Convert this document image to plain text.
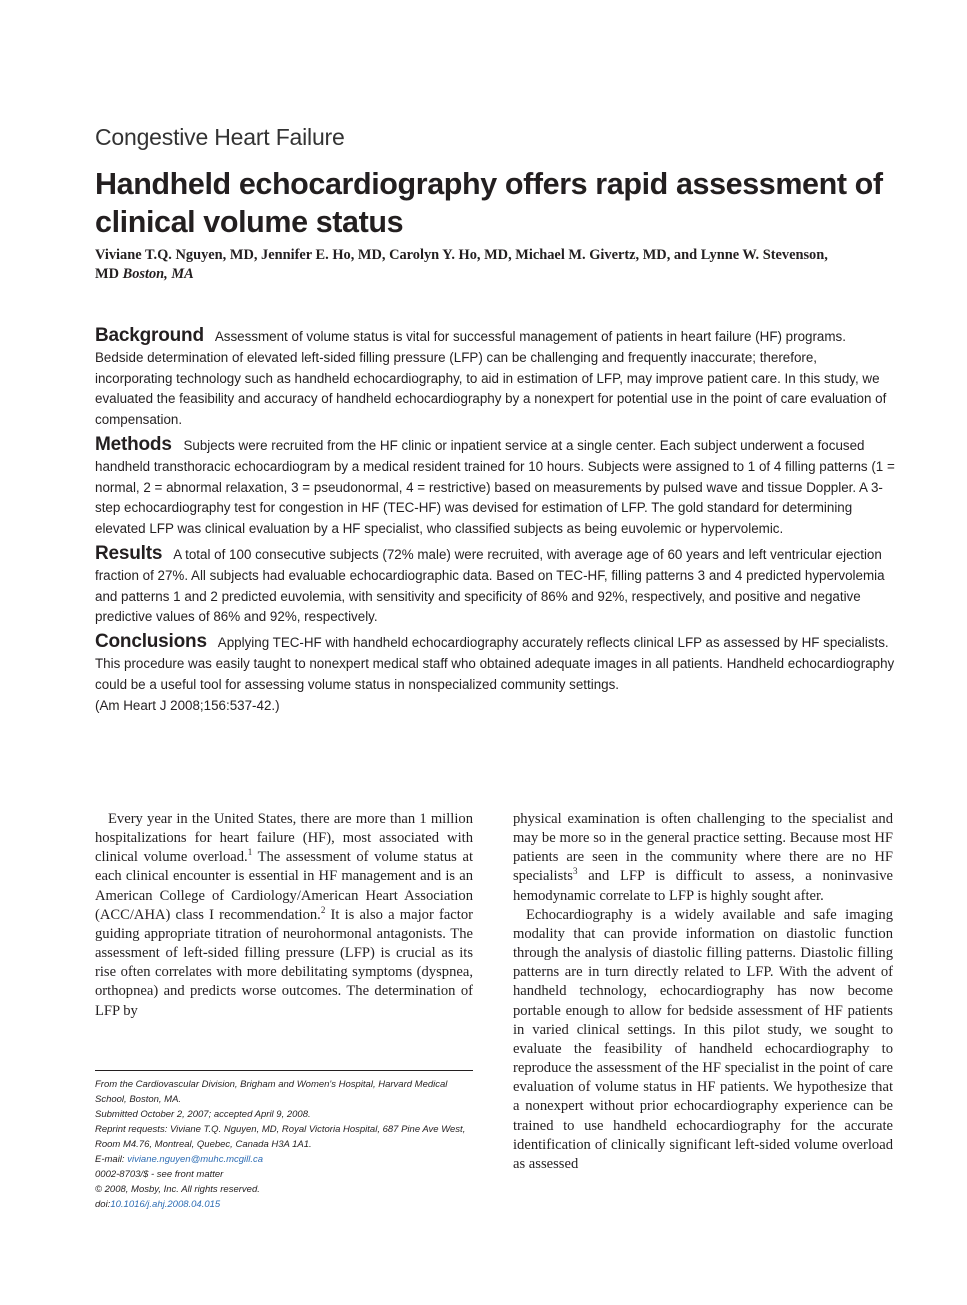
Congestive Heart Failure
Handheld echocardiography offers rapid assessment of clinical volume status
Viviane T.Q. Nguyen, MD, Jennifer E. Ho, MD, Carolyn Y. Ho, MD, Michael M. Givertz, MD, and Lynne W. Stevenson, MD Boston, MA

Background Assessment of volume status is vital for successful management of patients in heart failure (HF) programs. Bedside determination of elevated left-sided filling pressure (LFP) can be challenging and frequently inaccurate; therefore, incorporating technology such as handheld echocardiography, to aid in estimation of LFP, may improve patient care. In this study, we evaluated the feasibility and accuracy of handheld echocardiography by a nonexpert for potential use in the point of care evaluation of compensation.

Methods Subjects were recruited from the HF clinic or inpatient service at a single center. Each subject underwent a focused handheld transthoracic echocardiogram by a medical resident trained for 10 hours. Subjects were assigned to 1 of 4 filling patterns (1 = normal, 2 = abnormal relaxation, 3 = pseudonormal, 4 = restrictive) based on measurements by pulsed wave and tissue Doppler. A 3-step echocardiography test for congestion in HF (TEC-HF) was devised for estimation of LFP. The gold standard for determining elevated LFP was clinical evaluation by a HF specialist, who classified subjects as being euvolemic or hypervolemic.

Results A total of 100 consecutive subjects (72% male) were recruited, with average age of 60 years and left ventricular ejection fraction of 27%. All subjects had evaluable echocardiographic data. Based on TEC-HF, filling patterns 3 and 4 predicted hypervolemia and patterns 1 and 2 predicted euvolemia, with sensitivity and specificity of 86% and 92%, respectively, and positive and negative predictive values of 86% and 92%, respectively.

Conclusions Applying TEC-HF with handheld echocardiography accurately reflects clinical LFP as assessed by HF specialists. This procedure was easily taught to nonexpert medical staff who obtained adequate images in all patients. Handheld echocardiography could be a useful tool for assessing volume status in nonspecialized community settings.

(Am Heart J 2008;156:537-42.)

Every year in the United States, there are more than 1 million hospitalizations for heart failure (HF), most associated with clinical volume overload.$^1$ The assessment of volume status at each clinical encounter is essential in HF management and is an American College of Cardiology/American Heart Association (ACC/AHA) class I recommendation.$^2$ It is also a major factor guiding appropriate titration of neurohormonal antagonists. The assessment of left-sided filling pressure (LFP) is crucial as its rise often correlates with more debilitating symptoms (dyspnea, orthopnea) and predicts worse outcomes. The determination of LFP by

From the Cardiovascular Division, Brigham and Women's Hospital, Harvard Medical School, Boston, MA.
Submitted October 2, 2007; accepted April 9, 2008.
Reprint requests: Viviane T.Q. Nguyen, MD, Royal Victoria Hospital, 687 Pine Ave West, Room M4.76, Montreal, Quebec, Canada H3A 1A1.
E-mail: viviane.nguyen@muhc.mcgill.ca
0002-8703/$ - see front matter
© 2008, Mosby, Inc. All rights reserved.
doi:10.1016/j.ahj.2008.04.015

physical examination is often challenging to the specialist and may be more so in the general practice setting. Because most HF patients are seen in the community where there are no HF specialists$^3$ and LFP is difficult to assess, a noninvasive hemodynamic correlate to LFP is highly sought after.

Echocardiography is a widely available and safe imaging modality that can provide information on diastolic function through the analysis of diastolic filling patterns. Diastolic filling patterns are in turn directly related to LFP. With the advent of handheld technology, echocardiography has now become portable enough to allow for bedside assessment of HF patients in varied clinical settings. In this pilot study, we sought to evaluate the feasibility of handheld echocardiography to reproduce the assessment of the HF specialist in the point of care evaluation of volume status in HF patients. We hypothesize that a nonexpert without prior echocardiography experience can be trained to use handheld echocardiography for the accurate identification of clinically significant left-sided volume overload as assessed
